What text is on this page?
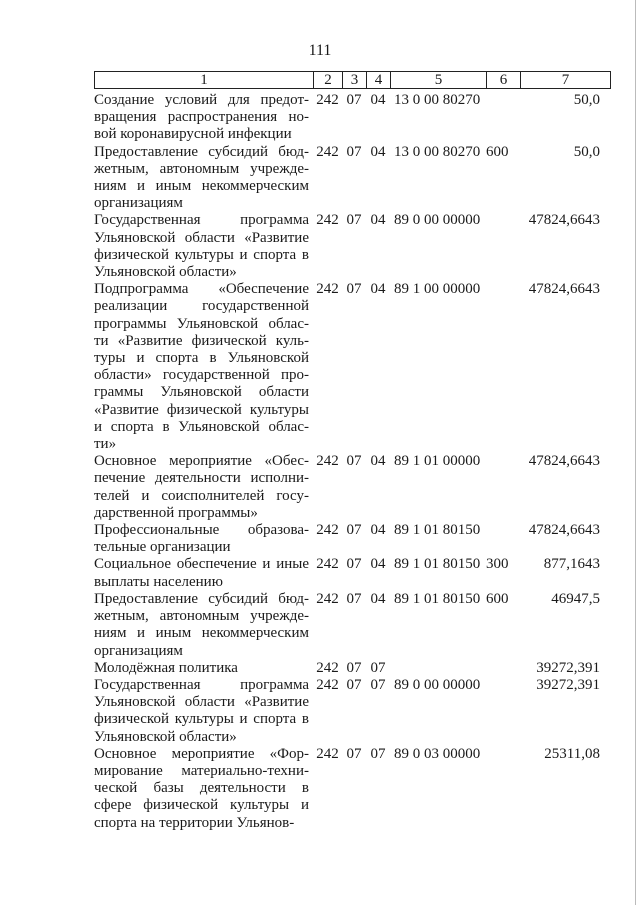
111
1	2	3	4	5	6	7
Создание условий для предот-вращения распространения но-вой коронавирусной инфекции	242	07	04	13 0 00 80270		50,0
Предоставление субсидий бюд-жетным, автономным учрежде-ниям и иным некоммерческим организациям	242	07	04	13 0 00 80270	600	50,0
Государственная программа Ульяновской области «Развитие физической культуры и спорта в Ульяновской области»	242	07	04	89 0 00 00000		47824,6643
Подпрограмма «Обеспечение реализации государственной программы Ульяновской облас-ти «Развитие физической куль-туры и спорта в Ульяновской области» государственной про-граммы Ульяновской области «Развитие физической культуры и спорта в Ульяновской облас-ти»	242	07	04	89 1 00 00000		47824,6643
Основное мероприятие «Обес-печение деятельности исполни-телей и соисполнителей госу-дарственной программы»	242	07	04	89 1 01 00000		47824,6643
Профессиональные образова-тельные организации	242	07	04	89 1 01 80150		47824,6643
Социальное обеспечение и иные выплаты населению	242	07	04	89 1 01 80150	300	877,1643
Предоставление субсидий бюд-жетным, автономным учрежде-ниям и иным некоммерческим организациям	242	07	04	89 1 01 80150	600	46947,5
Молодёжная политика	242	07	07			39272,391
Государственная программа Ульяновской области «Развитие физической культуры и спорта в Ульяновской области»	242	07	07	89 0 00 00000		39272,391
Основное мероприятие «Фор-мирование материально-техни-ческой базы деятельности в сфере физической культуры и спорта на территории Ульянов-	242	07	07	89 0 03 00000		25311,08
